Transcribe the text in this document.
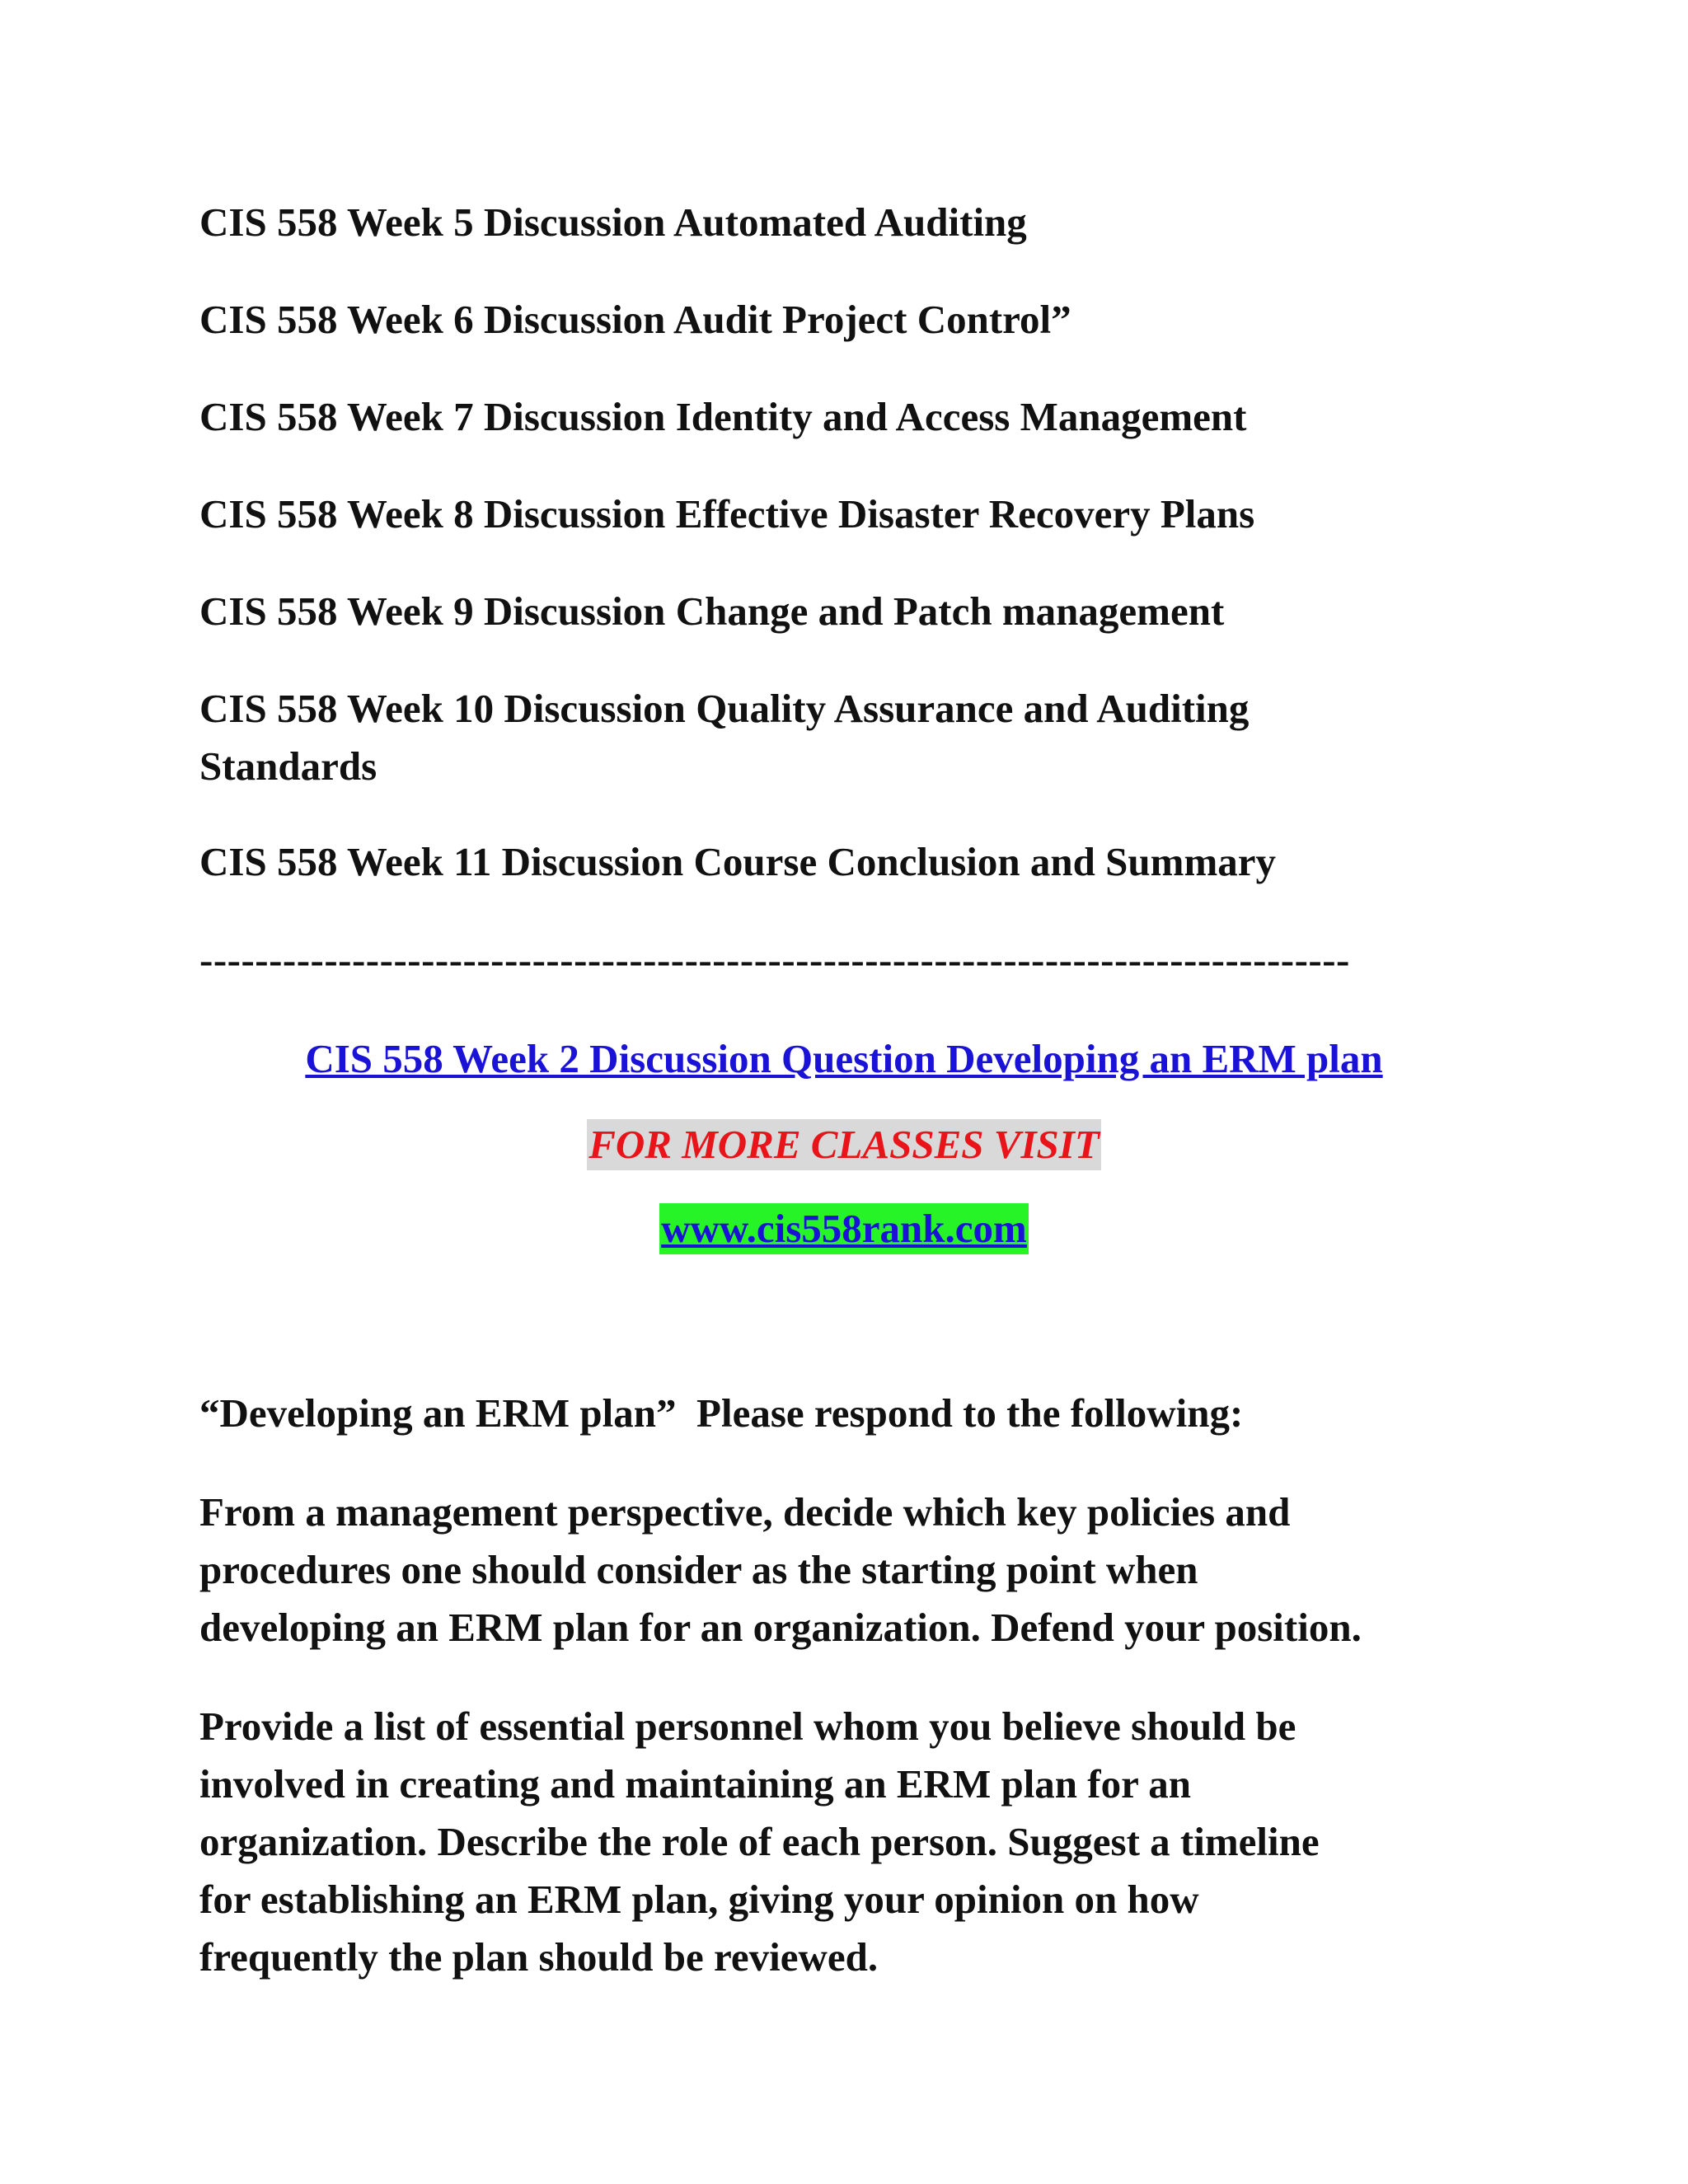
CIS 558 Week 5 Discussion Automated Auditing
CIS 558 Week 6 Discussion Audit Project Control”
CIS 558 Week 7 Discussion Identity and Access Management
CIS 558 Week 8 Discussion Effective Disaster Recovery Plans
CIS 558 Week 9 Discussion Change and Patch management
CIS 558 Week 10 Discussion Quality Assurance and Auditing
Standards
CIS 558 Week 11 Discussion Course Conclusion and Summary
-----------------------------------------------------------------------------------
CIS 558 Week 2 Discussion Question Developing an ERM plan
FOR MORE CLASSES VISIT
www.cis558rank.com
“Developing an ERM plan”  Please respond to the following:
From a management perspective, decide which key policies and
procedures one should consider as the starting point when
developing an ERM plan for an organization. Defend your position.
Provide a list of essential personnel whom you believe should be
involved in creating and maintaining an ERM plan for an
organization. Describe the role of each person. Suggest a timeline
for establishing an ERM plan, giving your opinion on how
frequently the plan should be reviewed.
